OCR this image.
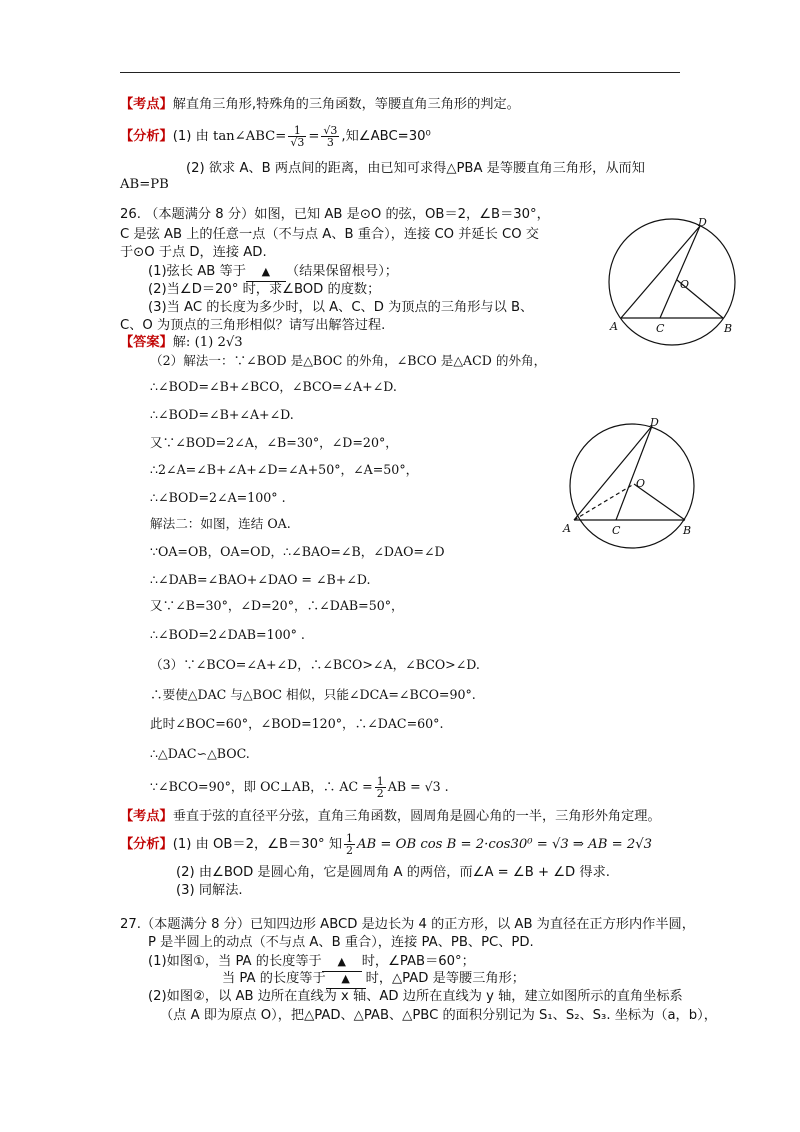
【考点】解直角三角形,特殊角的三角函数，等腰直角三角形的判定。
【分析】(1) 由 tan∠ABC= $\frac{1}{√3} = \frac{√3}{3}$ ,知∠ABC=30⁰
(2) 欲求 A、B 两点间的距离，由已知可求得△PBA 是等腰直角三角形，从而知
AB=PB
26. （本题满分 8 分）如图，已知 AB 是⊙O 的弦，OB＝2，∠B＝30°，
C 是弦 AB 上的任意一点（不与点 A、B 重合），连接 CO 并延长 CO 交
于⊙O 于点 D，连接 AD.
(1)弦长 AB 等于 ▲ （结果保留根号）；
(2)当∠D＝20° 时，求∠BOD 的度数；
(3)当 AC 的长度为多少时，以 A、C、D 为顶点的三角形与以 B、
C、O 为顶点的三角形相似？请写出解答过程.
【答案】解: (1) 2√3
D
O
A	C	B
（2）解法一：∵∠BOD 是△BOC 的外角，∠BCO 是△ACD 的外角，
∴∠BOD=∠B+∠BCO，∠BCO=∠A+∠D.
∴∠BOD=∠B+∠A+∠D.
又∵∠BOD=2∠A，∠B=30°，∠D=20°，
∴2∠A=∠B+∠A+∠D=∠A+50°，∠A=50°，
∴∠BOD=2∠A=100° .
解法二：如图，连结 OA.
∵OA=OB，OA=OD，∴∠BAO=∠B，∠DAO=∠D
∴∠DAB=∠BAO+∠DAO = ∠B+∠D.
又∵∠B=30°，∠D=20°，∴∠DAB=50°，
∴∠BOD=2∠DAB=100° .
（3）∵∠BCO=∠A+∠D，∴∠BCO>∠A，∠BCO>∠D.
∴要使△DAC 与△BOC 相似，只能∠DCA=∠BCO=90°.
此时∠BOC=60°，∠BOD=120°，∴∠DAC=60°.
∴△DAC∽△BOC.
∵∠BCO=90°，即 OC⊥AB，∴ AC = $\frac{1}{2}$ AB = √3 .
D
O
A	C	B
【考点】垂直于弦的直径平分弦，直角三角函数，圆周角是圆心角的一半，三角形外角定理。
【分析】(1) 由 OB＝2，∠B＝30° 知 $\frac{1}{2}$ AB = OB cos B = 2·cos30⁰ = √3 ⇒ AB = 2√3
(2) 由∠BOD 是圆心角，它是圆周角 A 的两倍，而∠A = ∠B + ∠D 得求.
(3) 同解法.
27.（本题满分 8 分）已知四边形 ABCD 是边长为 4 的正方形，以 AB 为直径在正方形内作半圆，
P 是半圆上的动点（不与点 A、B 重合），连接 PA、PB、PC、PD.
(1)如图①，当 PA 的长度等于 ▲ 时，∠PAB＝60°；
当 PA 的长度等于 ▲ 时，△PAD 是等腰三角形；
(2)如图②，以 AB 边所在直线为 x 轴、AD 边所在直线为 y 轴，建立如图所示的直角坐标系
（点 A 即为原点 O），把△PAD、△PAB、△PBC 的面积分别记为 S₁、S₂、S₃. 坐标为（a，b），
